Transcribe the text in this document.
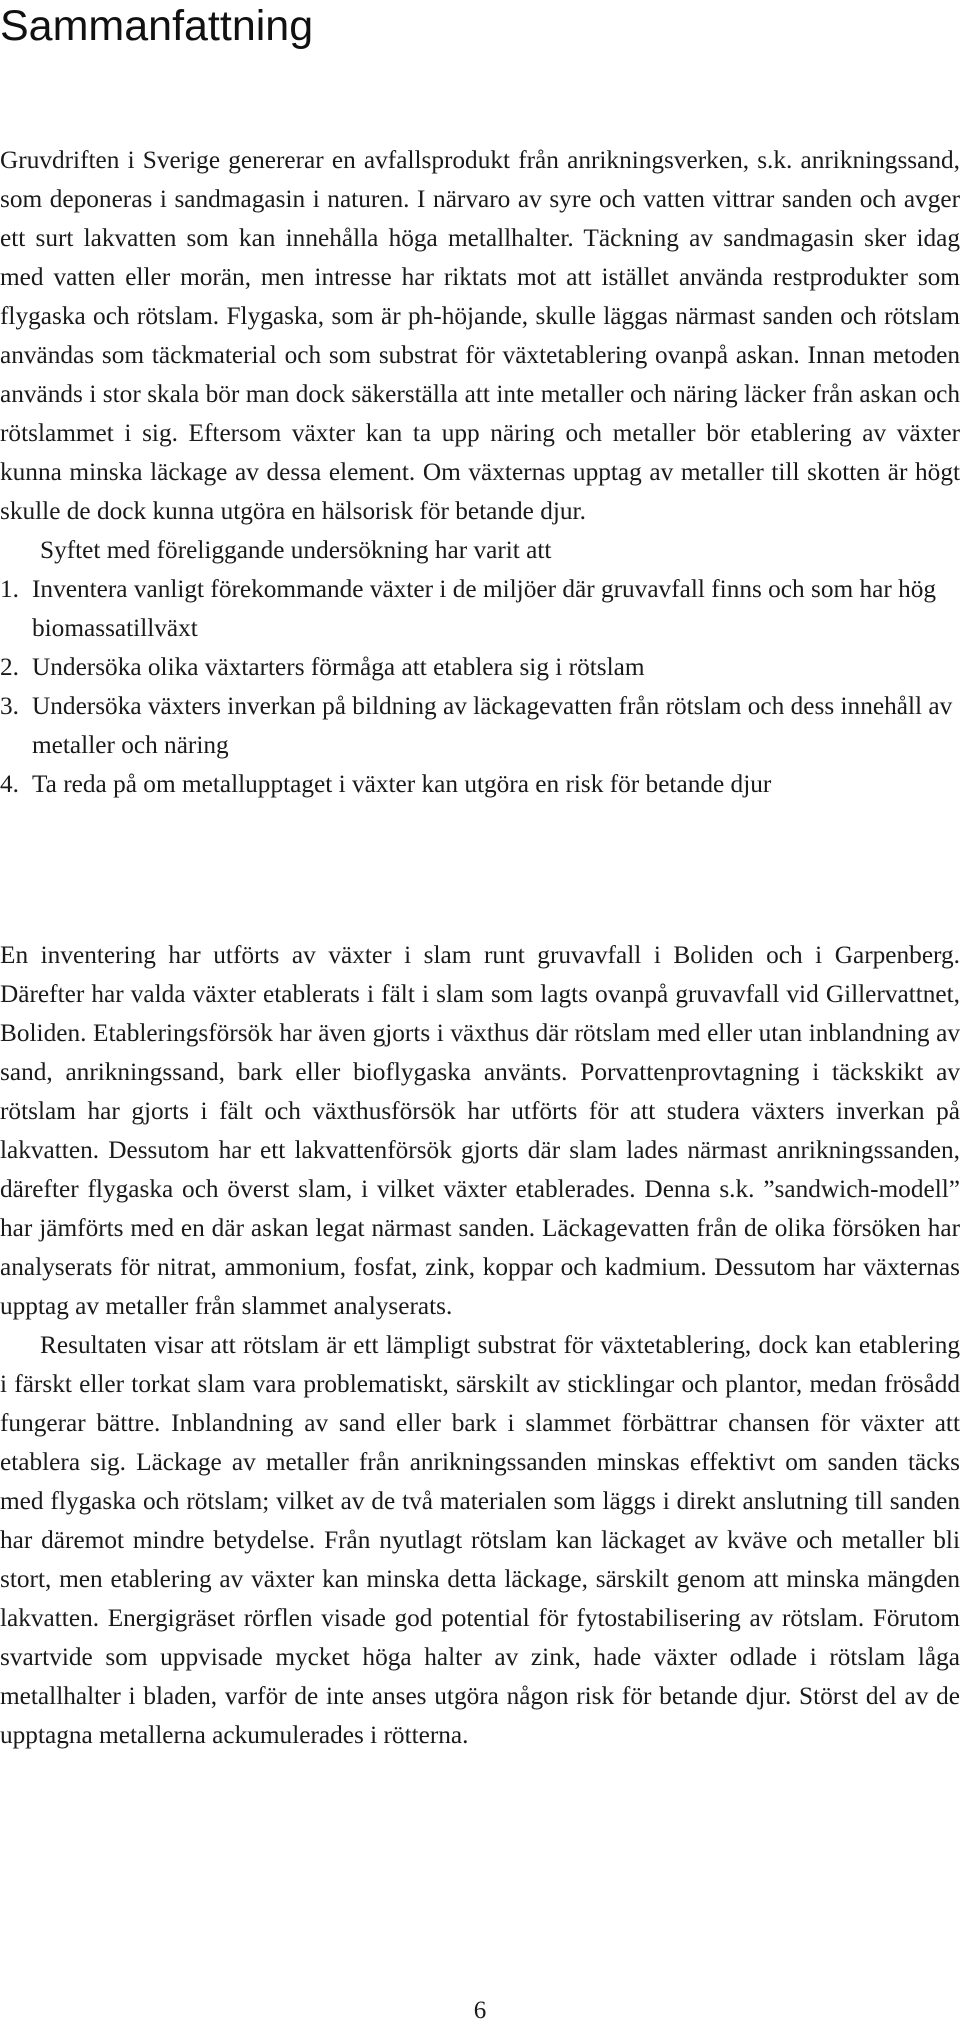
Sammanfattning

Gruvdriften i Sverige genererar en avfallsprodukt från anrikningsverken, s.k. anrikningssand, som deponeras i sandmagasin i naturen. I närvaro av syre och vatten vittrar sanden och avger ett surt lakvatten som kan innehålla höga metallhalter. Täckning av sandmagasin sker idag med vatten eller morän, men intresse har riktats mot att istället använda restprodukter som flygaska och rötslam. Flygaska, som är ph-höjande, skulle läggas närmast sanden och rötslam användas som täckmaterial och som substrat för växtetablering ovanpå askan. Innan metoden används i stor skala bör man dock säkerställa att inte metaller och näring läcker från askan och rötslammet i sig. Eftersom växter kan ta upp näring och metaller bör etablering av växter kunna minska läckage av dessa element. Om växternas upptag av metaller till skotten är högt skulle de dock kunna utgöra en hälsorisk för betande djur.

Syftet med föreliggande undersökning har varit att

1. Inventera vanligt förekommande växter i de miljöer där gruvavfall finns och som har hög biomassatillväxt
2. Undersöka olika växtarters förmåga att etablera sig i rötslam
3. Undersöka växters inverkan på bildning av läckagevatten från rötslam och dess innehåll av metaller och näring
4. Ta reda på om metallupptaget i växter kan utgöra en risk för betande djur

En inventering har utförts av växter i slam runt gruvavfall i Boliden och i Garpenberg. Därefter har valda växter etablerats i fält i slam som lagts ovanpå gruvavfall vid Gillervattnet, Boliden. Etableringsförsök har även gjorts i växthus där rötslam med eller utan inblandning av sand, anrikningssand, bark eller bioflygaska använts. Porvattenprovtagning i täckskikt av rötslam har gjorts i fält och växthusförsök har utförts för att studera växters inverkan på lakvatten. Dessutom har ett lakvattenförsök gjorts där slam lades närmast anrikningssanden, därefter flygaska och överst slam, i vilket växter etablerades. Denna s.k. ”sandwich-modell” har jämförts med en där askan legat närmast sanden. Läckagevatten från de olika försöken har analyserats för nitrat, ammonium, fosfat, zink, koppar och kadmium. Dessutom har växternas upptag av metaller från slammet analyserats.

Resultaten visar att rötslam är ett lämpligt substrat för växtetablering, dock kan etablering i färskt eller torkat slam vara problematiskt, särskilt av sticklingar och plantor, medan frösådd fungerar bättre. Inblandning av sand eller bark i slammet förbättrar chansen för växter att etablera sig. Läckage av metaller från anrikningssanden minskas effektivt om sanden täcks med flygaska och rötslam; vilket av de två materialen som läggs i direkt anslutning till sanden har däremot mindre betydelse. Från nyutlagt rötslam kan läckaget av kväve och metaller bli stort, men etablering av växter kan minska detta läckage, särskilt genom att minska mängden lakvatten. Energigräset rörflen visade god potential för fytostabilisering av rötslam. Förutom svartvide som uppvisade mycket höga halter av zink, hade växter odlade i rötslam låga metallhalter i bladen, varför de inte anses utgöra någon risk för betande djur. Störst del av de upptagna metallerna ackumulerades i rötterna.

6
